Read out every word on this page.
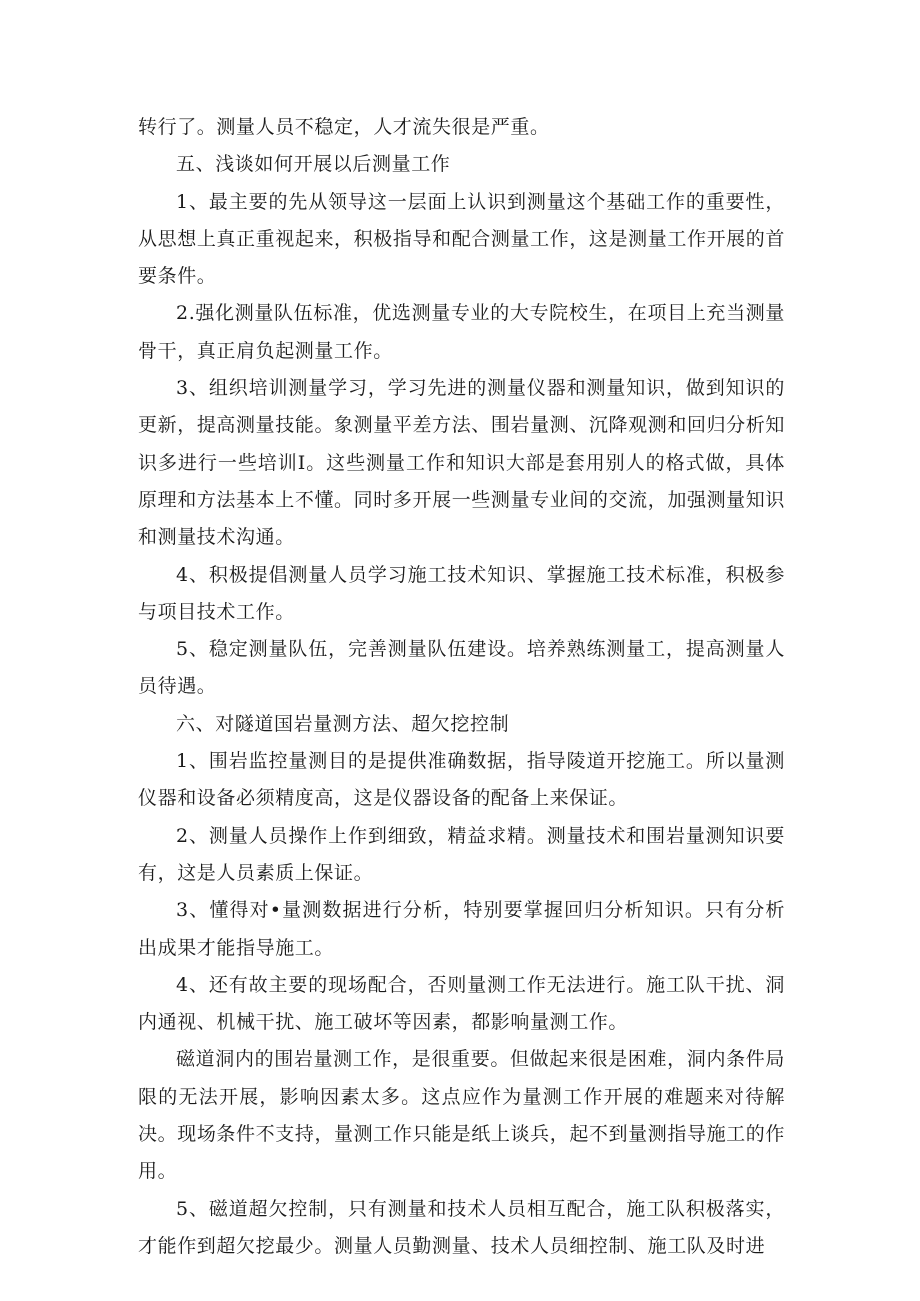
转行了。测量人员不稳定，人才流失很是严重。

五、浅谈如何开展以后测量工作

1、最主要的先从领导这一层面上认识到测量这个基础工作的重要性，从思想上真正重视起来，积极指导和配合测量工作，这是测量工作开展的首要条件。

2.强化测量队伍标准，优选测量专业的大专院校生，在项目上充当测量骨干，真正肩负起测量工作。

3、组织培训测量学习，学习先进的测量仪器和测量知识，做到知识的更新，提高测量技能。象测量平差方法、围岩量测、沉降观测和回归分析知识多进行一些培训I。这些测量工作和知识大部是套用别人的格式做，具体原理和方法基本上不懂。同时多开展一些测量专业间的交流，加强测量知识和测量技术沟通。

4、积极提倡测量人员学习施工技术知识、掌握施工技术标准，积极参与项目技术工作。

5、稳定测量队伍，完善测量队伍建设。培养熟练测量工，提高测量人员待遇。

六、对隧道国岩量测方法、超欠挖控制

1、围岩监控量测目的是提供准确数据，指导陵道开挖施工。所以量测仪器和设备必须精度高，这是仪器设备的配备上来保证。

2、测量人员操作上作到细致，精益求精。测量技术和围岩量测知识要有，这是人员素质上保证。

3、懂得对•量测数据进行分析，特别要掌握回归分析知识。只有分析出成果才能指导施工。

4、还有故主要的现场配合，否则量测工作无法进行。施工队干扰、洞内通视、机械干扰、施工破坏等因素，都影响量测工作。

磁道洞内的围岩量测工作，是很重要。但做起来很是困难，洞内条件局限的无法开展，影响因素太多。这点应作为量测工作开展的难题来对待解决。现场条件不支持，量测工作只能是纸上谈兵，起不到量测指导施工的作用。

5、磁道超欠控制，只有测量和技术人员相互配合，施工队积极落实，才能作到超欠挖最少。测量人员勤测量、技术人员细控制、施工队及时进
